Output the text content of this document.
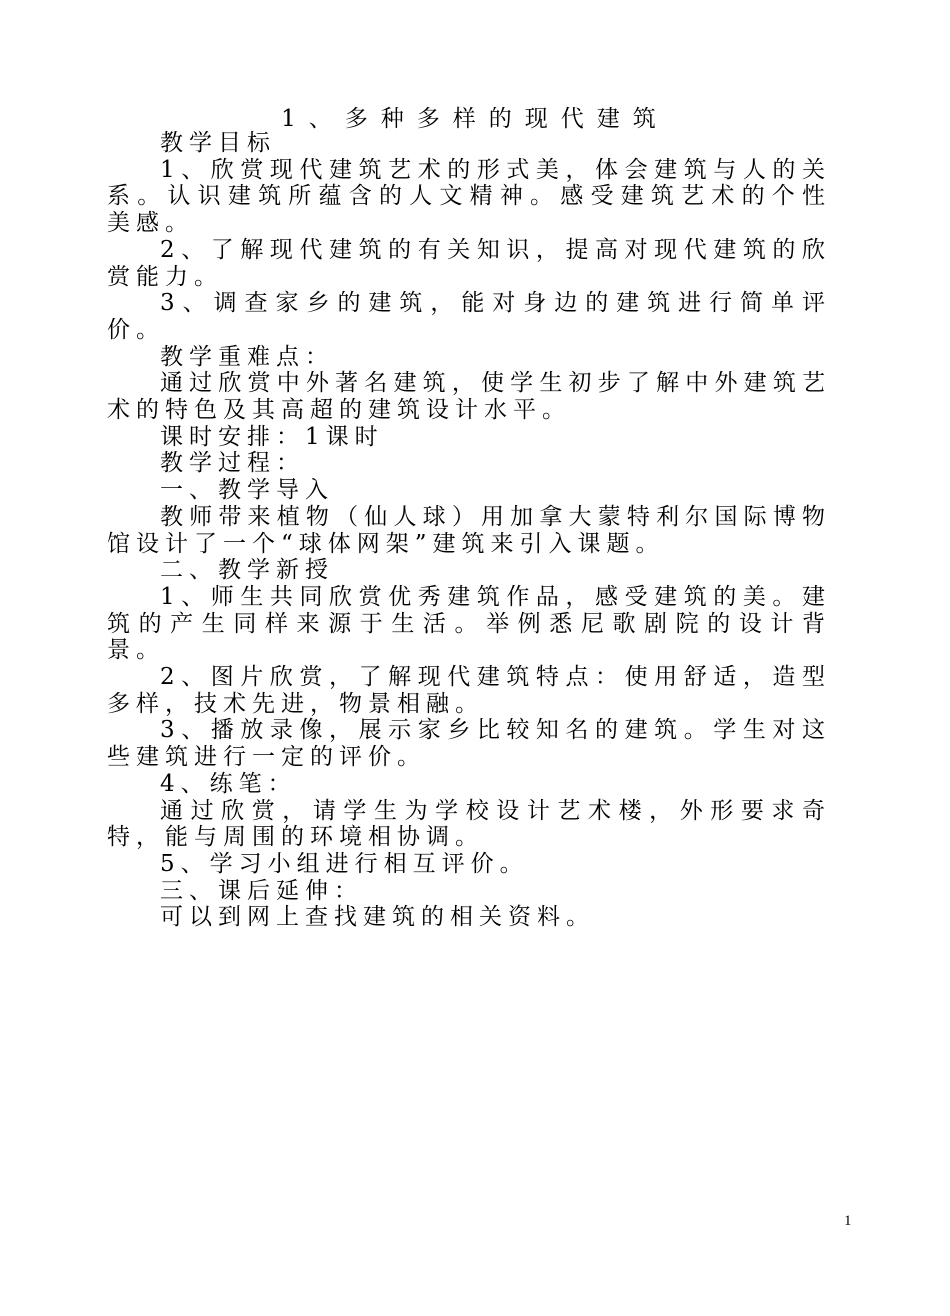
1、多种多样的现代建筑

教学目标

1、欣赏现代建筑艺术的形式美，体会建筑与人的关系。认识建筑所蕴含的人文精神。感受建筑艺术的个性美感。

2、了解现代建筑的有关知识，提高对现代建筑的欣赏能力。

3、调查家乡的建筑，能对身边的建筑进行简单评价。

教学重难点：

通过欣赏中外著名建筑，使学生初步了解中外建筑艺术的特色及其高超的建筑设计水平。

课时安排：1课时

教学过程：

一、教学导入

教师带来植物（仙人球）用加拿大蒙特利尔国际博物馆设计了一个“球体网架”建筑来引入课题。

二、教学新授

1、师生共同欣赏优秀建筑作品，感受建筑的美。建筑的产生同样来源于生活。举例悉尼歌剧院的设计背景。

2、图片欣赏，了解现代建筑特点：使用舒适，造型多样，技术先进，物景相融。

3、播放录像，展示家乡比较知名的建筑。学生对这些建筑进行一定的评价。

4、练笔：

通过欣赏，请学生为学校设计艺术楼，外形要求奇特，能与周围的环境相协调。

5、学习小组进行相互评价。

三、课后延伸：

可以到网上查找建筑的相关资料。

1
